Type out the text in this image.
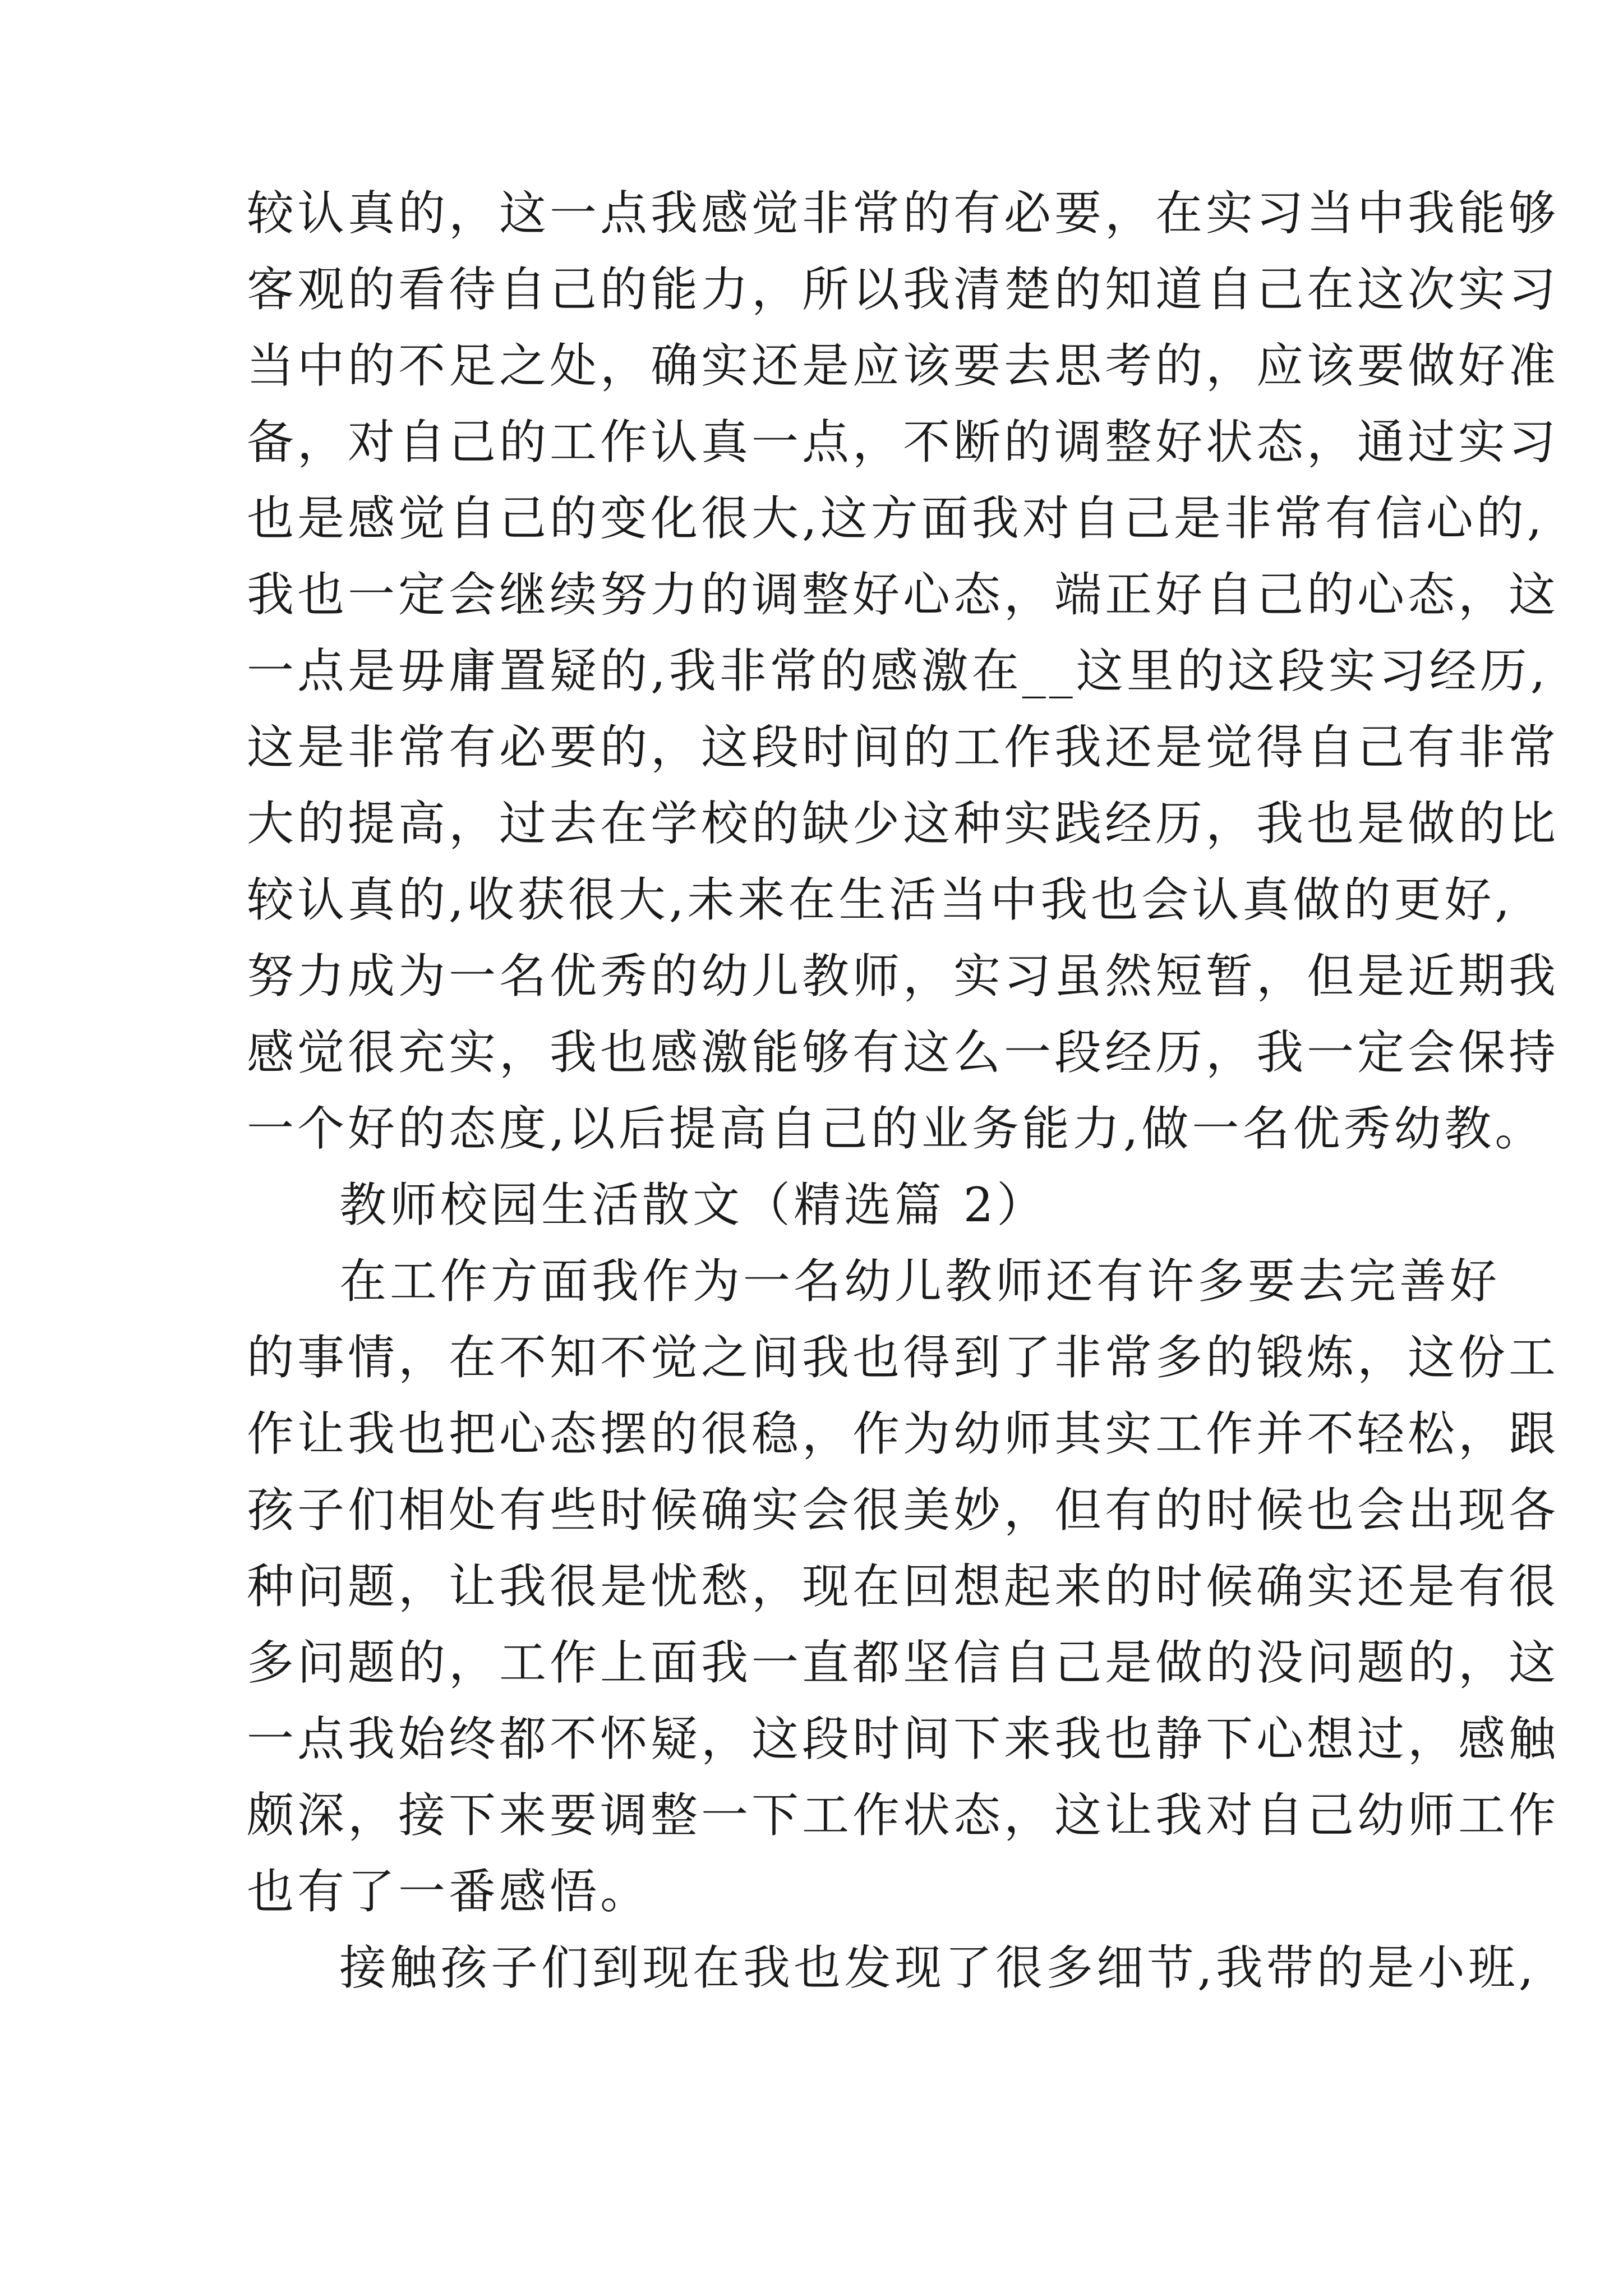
较认真的，这一点我感觉非常的有必要，在实习当中我能够
客观的看待自己的能力，所以我清楚的知道自己在这次实习
当中的不足之处，确实还是应该要去思考的，应该要做好准
备，对自己的工作认真一点，不断的调整好状态，通过实习
也是感觉自己的变化很大,这方面我对自己是非常有信心的,
我也一定会继续努力的调整好心态，端正好自己的心态，这
一点是毋庸置疑的,我非常的感激在__这里的这段实习经历,
这是非常有必要的，这段时间的工作我还是觉得自己有非常
大的提高，过去在学校的缺少这种实践经历，我也是做的比
较认真的,收获很大,未来在生活当中我也会认真做的更好,
努力成为一名优秀的幼儿教师，实习虽然短暂，但是近期我
感觉很充实，我也感激能够有这么一段经历，我一定会保持
一个好的态度,以后提高自己的业务能力,做一名优秀幼教。
教师校园生活散文（精选篇 2）
在工作方面我作为一名幼儿教师还有许多要去完善好
的事情，在不知不觉之间我也得到了非常多的锻炼，这份工
作让我也把心态摆的很稳，作为幼师其实工作并不轻松，跟
孩子们相处有些时候确实会很美妙，但有的时候也会出现各
种问题，让我很是忧愁，现在回想起来的时候确实还是有很
多问题的，工作上面我一直都坚信自己是做的没问题的，这
一点我始终都不怀疑，这段时间下来我也静下心想过，感触
颇深，接下来要调整一下工作状态，这让我对自己幼师工作
也有了一番感悟。
接触孩子们到现在我也发现了很多细节,我带的是小班,
